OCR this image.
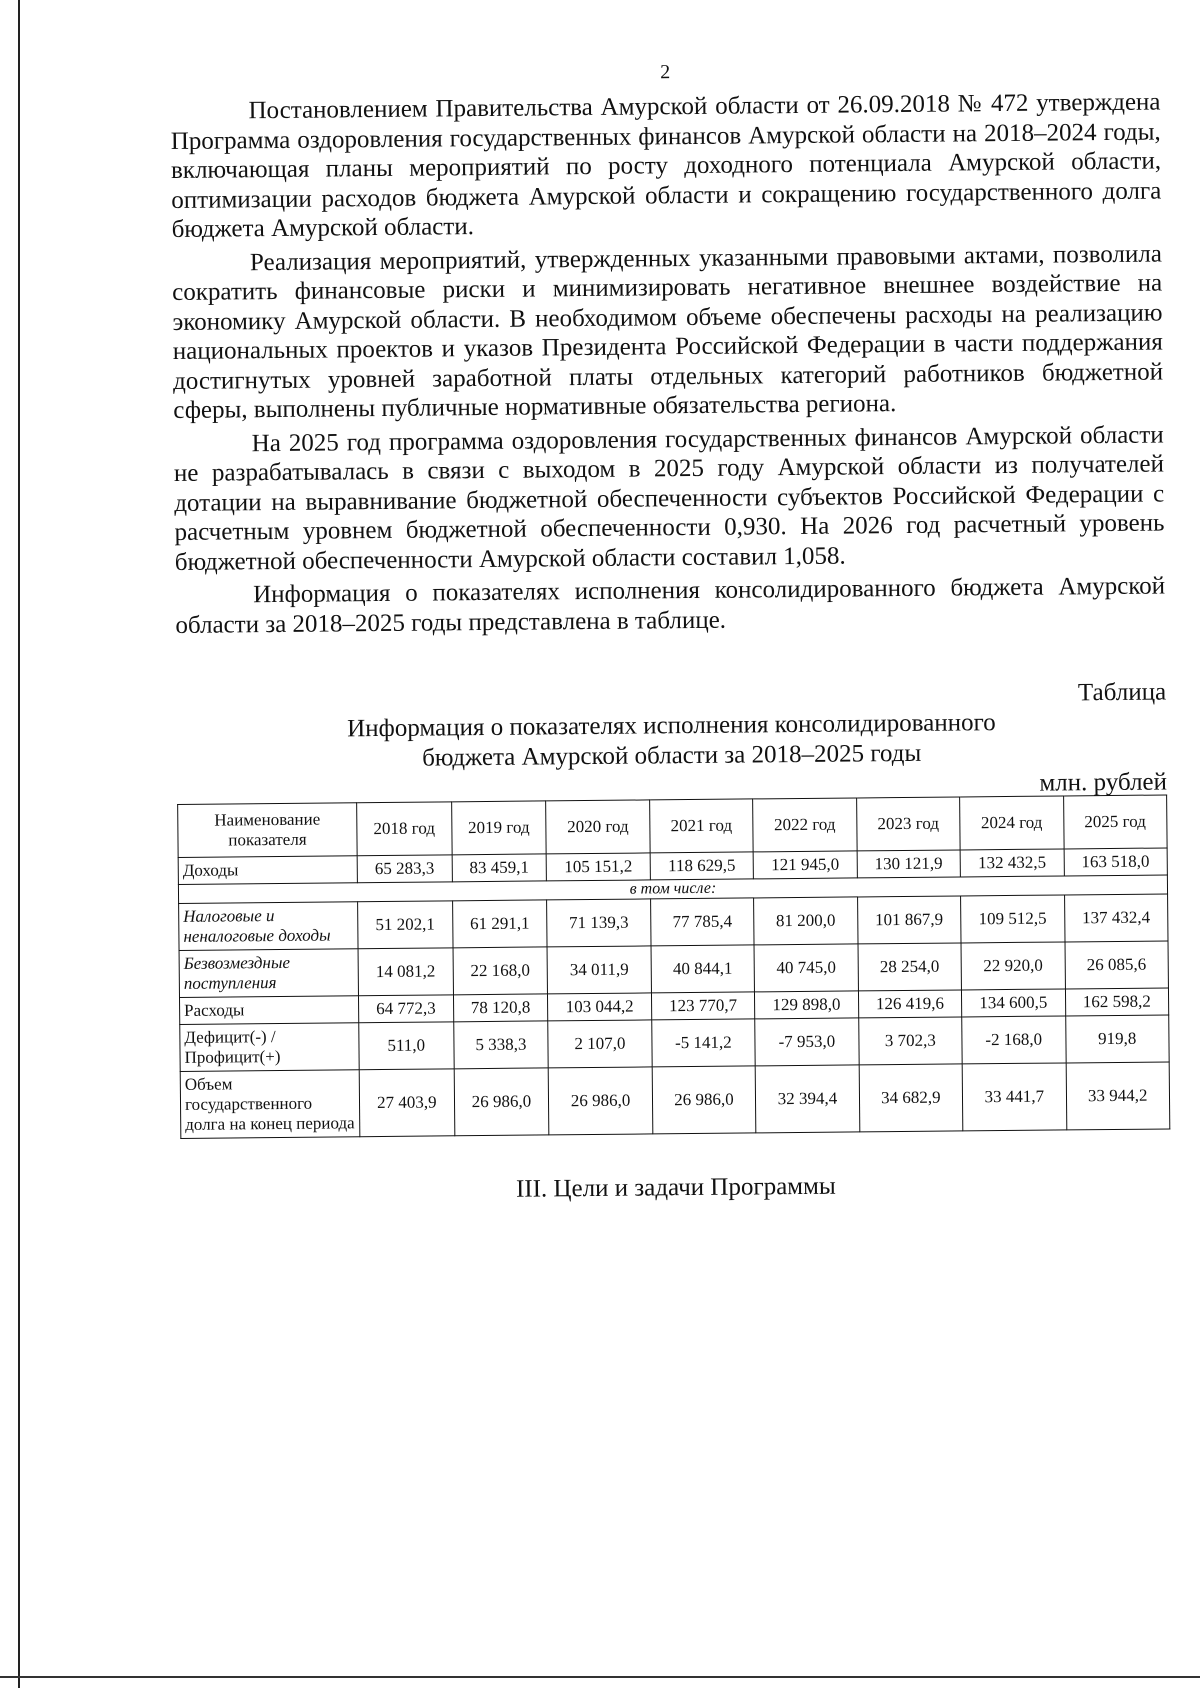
2

Постановлением Правительства Амурской области от 26.09.2018 № 472 утверждена Программа оздоровления государственных финансов Амурской области на 2018–2024 годы, включающая планы мероприятий по росту доходного потенциала Амурской области, оптимизации расходов бюджета Амурской области и сокращению государственного долга бюджета Амурской области.

Реализация мероприятий, утвержденных указанными правовыми актами, позволила сократить финансовые риски и минимизировать негативное внешнее воздействие на экономику Амурской области. В необходимом объеме обеспечены расходы на реализацию национальных проектов и указов Президента Российской Федерации в части поддержания достигнутых уровней заработной платы отдельных категорий работников бюджетной сферы, выполнены публичные нормативные обязательства региона.

На 2025 год программа оздоровления государственных финансов Амурской области не разрабатывалась в связи с выходом в 2025 году Амурской области из получателей дотации на выравнивание бюджетной обеспеченности субъектов Российской Федерации с расчетным уровнем бюджетной обеспеченности 0,930. На 2026 год расчетный уровень бюджетной обеспеченности Амурской области составил 1,058.

Информация о показателях исполнения консолидированного бюджета Амурской области за 2018–2025 годы представлена в таблице.

Таблица
Информация о показателях исполнения консолидированного
бюджета Амурской области за 2018–2025 годы
млн. рублей
Наименование показателя	2018 год	2019 год	2020 год	2021 год	2022 год	2023 год	2024 год	2025 год
Доходы	65 283,3	83 459,1	105 151,2	118 629,5	121 945,0	130 121,9	132 432,5	163 518,0
в том числе:								
Налоговые и неналоговые доходы	51 202,1	61 291,1	71 139,3	77 785,4	81 200,0	101 867,9	109 512,5	137 432,4
Безвозмездные поступления	14 081,2	22 168,0	34 011,9	40 844,1	40 745,0	28 254,0	22 920,0	26 085,6
Расходы	64 772,3	78 120,8	103 044,2	123 770,7	129 898,0	126 419,6	134 600,5	162 598,2
Дефицит(-) / Профицит(+)	511,0	5 338,3	2 107,0	-5 141,2	-7 953,0	3 702,3	-2 168,0	919,8
Объем государственного долга на конец периода	27 403,9	26 986,0	26 986,0	26 986,0	32 394,4	34 682,9	33 441,7	33 944,2
III. Цели и задачи Программы
